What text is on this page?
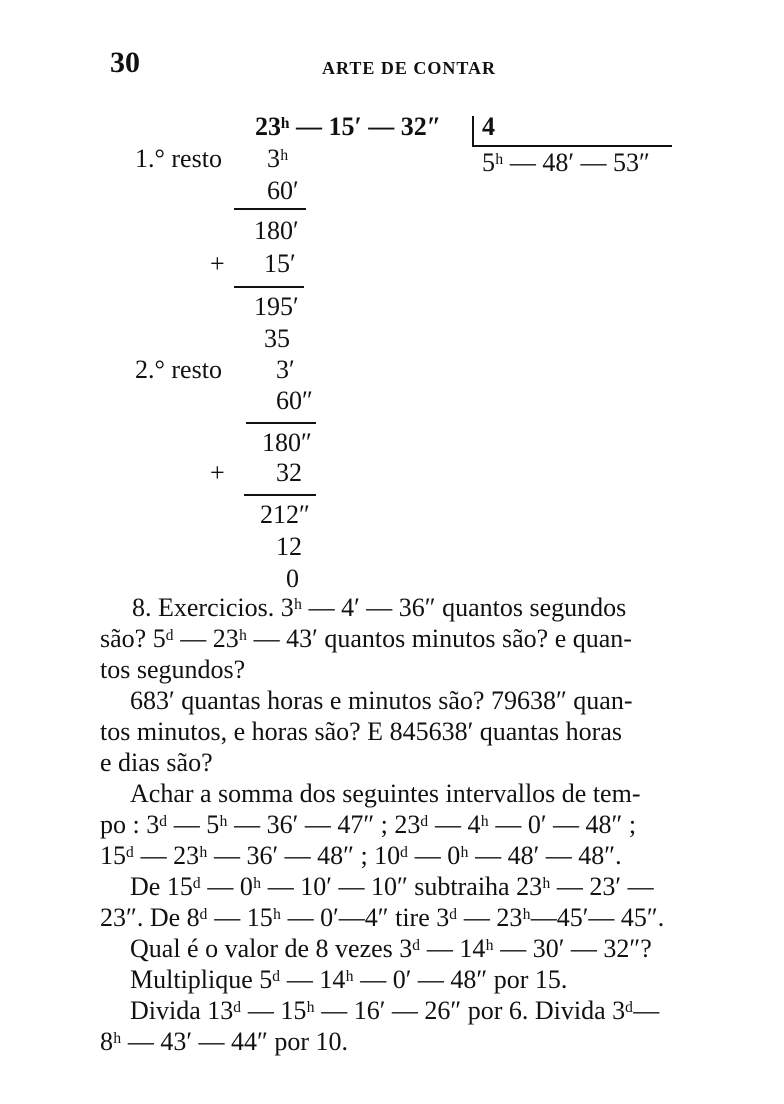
30	ARTE DE CONTAR
23ʰ — 15′ — 32″ 4
5ʰ — 48′ — 53″
1.° resto 3ʰ
60′
180′
+ 15′
195′
35
2.° resto 3′
60″
180″
+ 32
212″
12
0
8. Exercicios. 3ʰ — 4′ — 36″ quantos segundos
são? 5ᵈ — 23ʰ — 43′ quantos minutos são? e quan-
tos segundos?
683′ quantas horas e minutos são? 79638″ quan-
tos minutos, e horas são? E 845638′ quantas horas
e dias são?
Achar a somma dos seguintes intervallos de tem-
po : 3ᵈ — 5ʰ — 36′ — 47″ ; 23ᵈ — 4ʰ — 0′ — 48″ ;
15ᵈ — 23ʰ — 36′ — 48″ ; 10ᵈ — 0ʰ — 48′ — 48″.
De 15ᵈ — 0ʰ — 10′ — 10″ subtraiha 23ʰ — 23′ —
23″. De 8ᵈ — 15ʰ — 0′—4″ tire 3ᵈ — 23ʰ—45′— 45″.
Qual é o valor de 8 vezes 3ᵈ — 14ʰ — 30′ — 32″?
Multiplique 5ᵈ — 14ʰ — 0′ — 48″ por 15.
Divida 13ᵈ — 15ʰ — 16′ — 26″ por 6. Divida 3ᵈ—
8ʰ — 43′ — 44″ por 10.
